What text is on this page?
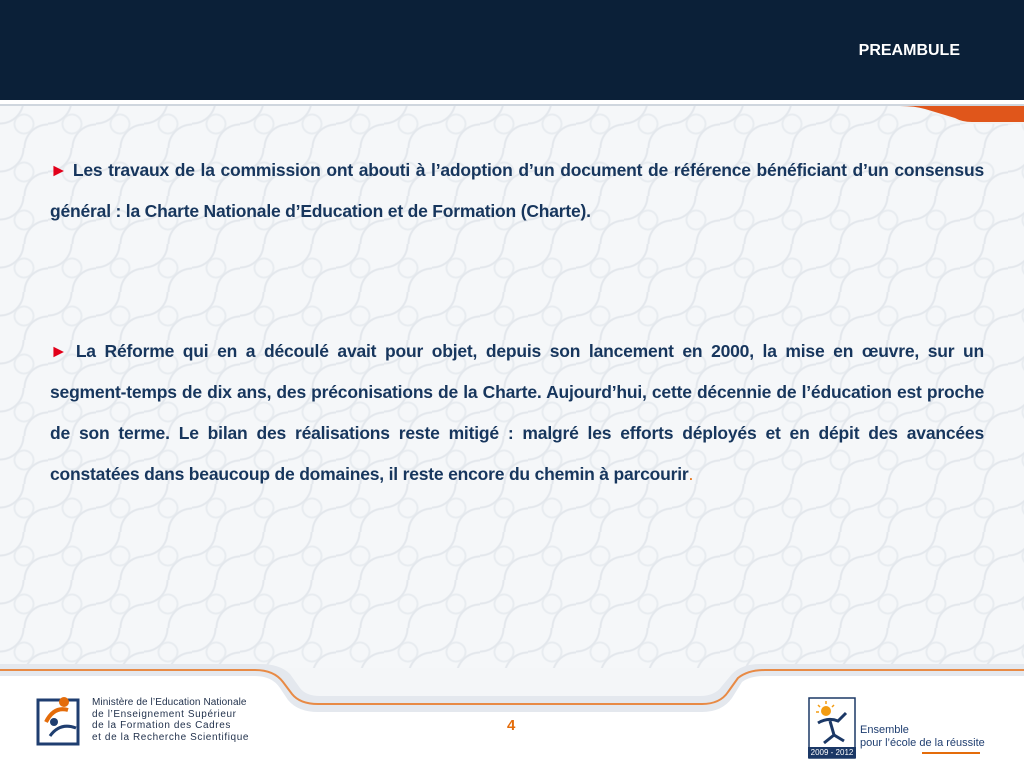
PREAMBULE

► Les travaux de la commission ont abouti à l’adoption d’un document de référence bénéficiant d’un consensus général : la Charte Nationale d’Education et de Formation (Charte).

► La Réforme qui en a découlé avait pour objet, depuis son lancement en 2000, la mise en œuvre, sur un segment-temps de dix ans, des préconisations de la Charte. Aujourd’hui, cette décennie de l’éducation est proche de son terme. Le bilan des réalisations reste mitigé : malgré les efforts déployés et en dépit des avancées constatées dans beaucoup de domaines, il reste encore du chemin à parcourir.

Ministère de l’Education Nationale
de l’Enseignement Supérieur
de la Formation des Cadres
et de la Recherche Scientifique
4
2009 - 2012
Ensemble
pour l’école de la réussite
